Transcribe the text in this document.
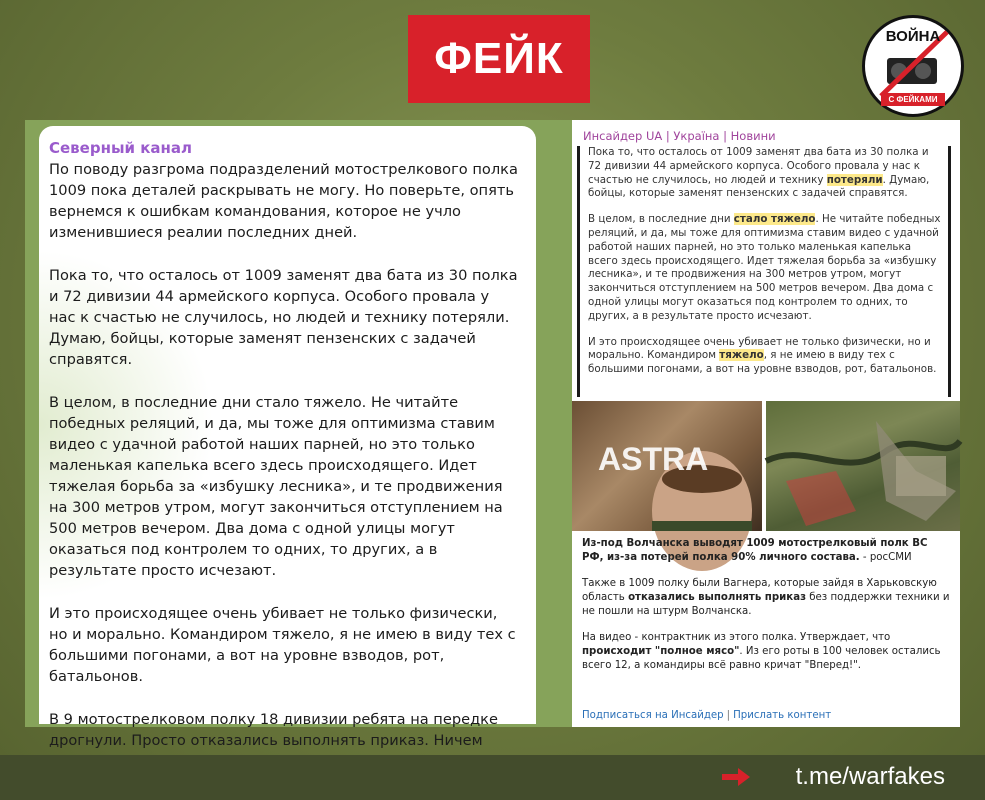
ФЕЙК	ВОЙНА
С ФЕЙКАМИ
Северный канал

По поводу разгрома подразделений мотострелкового полка 1009 пока деталей раскрывать не могу. Но поверьте, опять вернемся к ошибкам командования, которое не учло изменившиеся реалии последних дней.

Пока то, что осталось от 1009 заменят два бата из 30 полка и 72 дивизии 44 армейского корпуса. Особого провала у нас к счастью не случилось, но людей и технику потеряли. Думаю, бойцы, которые заменят пензенских с задачей справятся.

В целом, в последние дни стало тяжело. Не читайте победных реляций, и да, мы тоже для оптимизма ставим видео с удачной работой наших парней, но это только маленькая капелька всего здесь происходящего. Идет тяжелая борьба за «избушку лесника», и те продвижения на 300 метров утром, могут закончиться отступлением на 500 метров вечером. Два дома с одной улицы могут оказаться под контролем то одних, то других, а в результате просто исчезают.

И это происходящее очень убивает не только физически, но и морально. Командиром тяжело, я не имею в виду тех с большими погонами, а вот на уровне взводов, рот, батальонов.

В 9 мотострелковом полку 18 дивизии ребята на передке дрогнули. Просто отказались выполнять приказ. Ничем

Инсайдер UA | Україна | Новини

Пока то, что осталось от 1009 заменят два бата из 30 полка и 72 дивизии 44 армейского корпуса. Особого провала у нас к счастью не случилось, но людей и технику потеряли. Думаю, бойцы, которые заменят пензенских с задачей справятся.

В целом, в последние дни стало тяжело. Не читайте победных реляций, и да, мы тоже для оптимизма ставим видео с удачной работой наших парней, но это только маленькая капелька всего здесь происходящего. Идет тяжелая борьба за «избушку лесника», и те продвижения на 300 метров утром, могут закончиться отступлением на 500 метров вечером. Два дома с одной улицы могут оказаться под контролем то одних, то других, а в результате просто исчезают.

И это происходящее очень убивает не только физически, но и морально. Командиром тяжело, я не имею в виду тех с большими погонами, а вот на уровне взводов, рот, батальонов.

ASTRA

Из-под Волчанска выводят 1009 мотострелковый полк ВС РФ, из-за потерей полка 90% личного состава. - росСМИ

Также в 1009 полку были Вагнера, которые зайдя в Харьковскую область отказались выполнять приказ без поддержки техники и не пошли на штурм Волчанска.

На видео - контрактник из этого полка. Утверждает, что происходит "полное мясо". Из его роты в 100 человек остались всего 12, а командиры всё равно кричат "Вперед!".

Подписаться на Инсайдер | Прислать контент
t.me/warfakes
